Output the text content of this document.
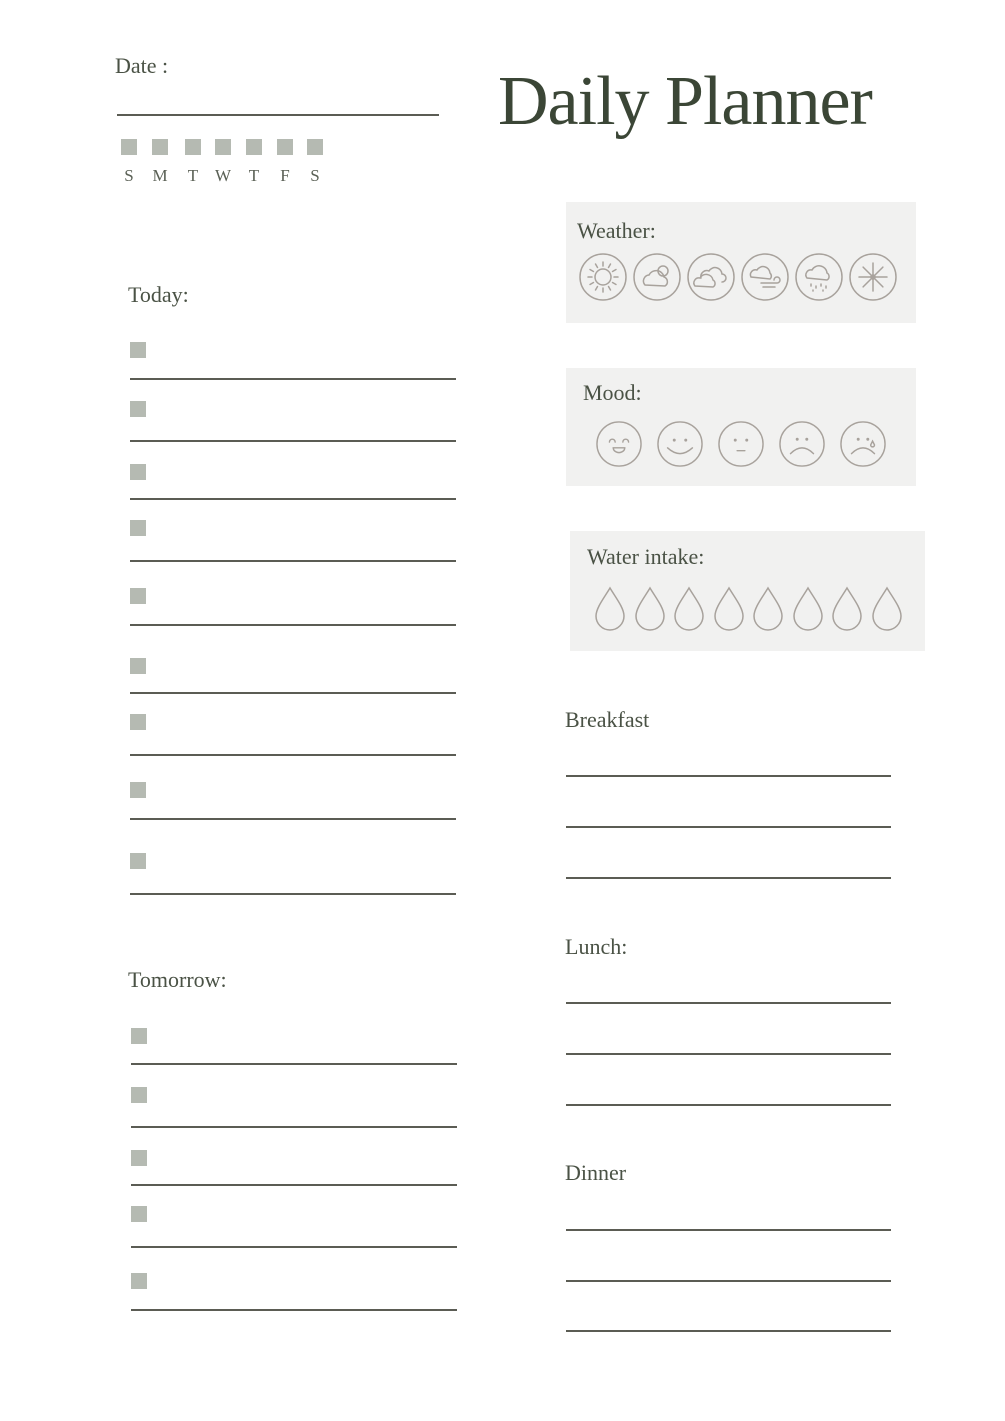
Date :	Daily Planner
Today:
Tomorrow:
Weather:
Mood:
Water intake:
Breakfast
Lunch:
Dinner
S M T W T F S
